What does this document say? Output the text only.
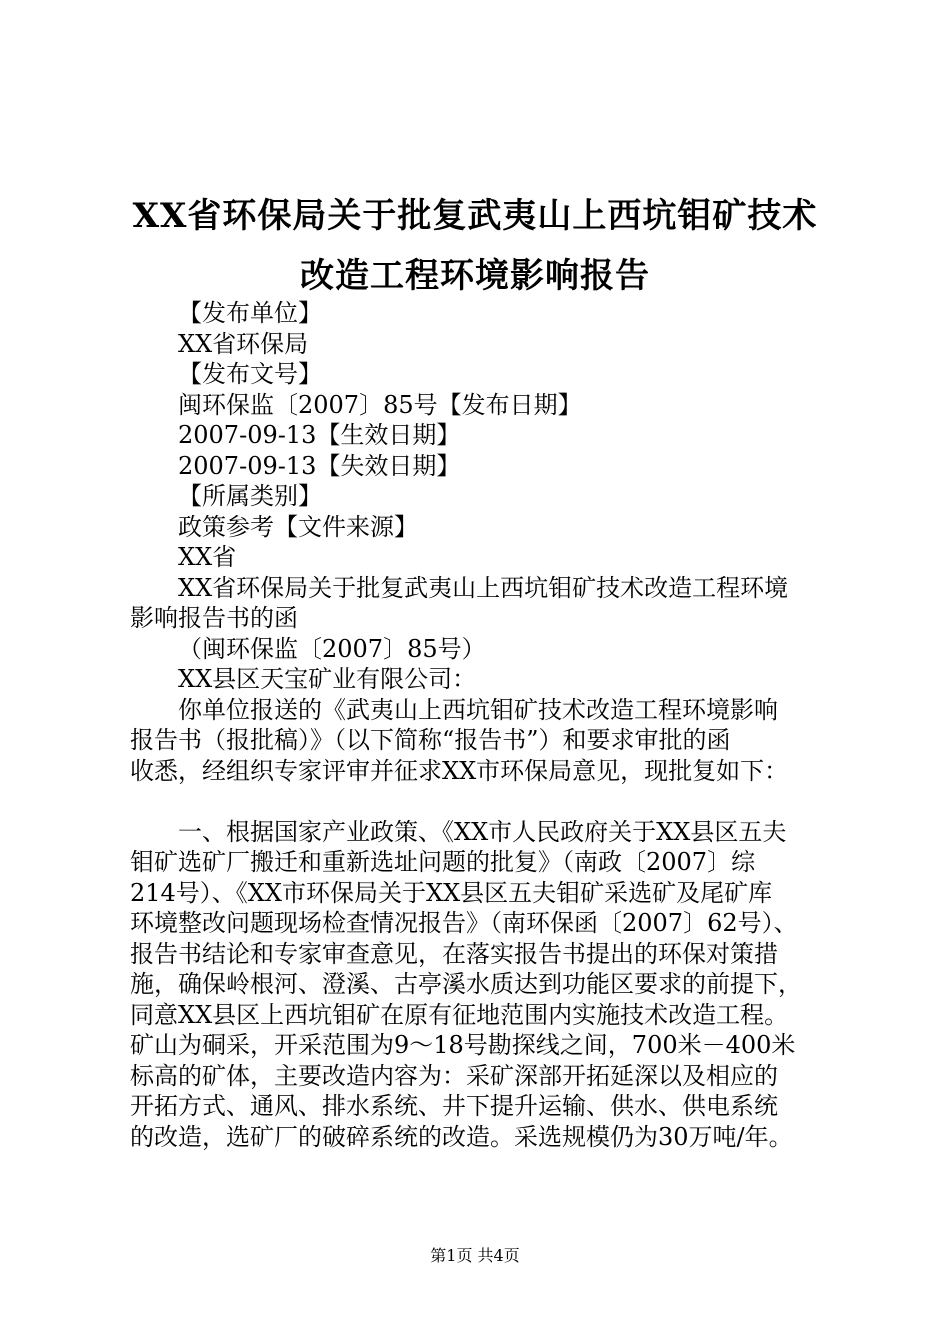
XX省环保局关于批复武夷山上西坑钼矿技术
改造工程环境影响报告
【发布单位】
XX省环保局
【发布文号】
闽环保监〔2007〕85号【发布日期】
2007-09-13【生效日期】
2007-09-13【失效日期】
【所属类别】
政策参考【文件来源】
XX省
XX省环保局关于批复武夷山上西坑钼矿技术改造工程环境
影响报告书的函
（闽环保监〔2007〕85号）
XX县区天宝矿业有限公司：
你单位报送的《武夷山上西坑钼矿技术改造工程环境影响
报告书（报批稿）》（以下简称“报告书”）和要求审批的函
收悉，经组织专家评审并征求XX市环保局意见，现批复如下：
一、根据国家产业政策、《XX市人民政府关于XX县区五夫
钼矿选矿厂搬迁和重新选址问题的批复》（南政〔2007〕综
214号）、《XX市环保局关于XX县区五夫钼矿采选矿及尾矿库
环境整改问题现场检查情况报告》（南环保函〔2007〕62号）、
报告书结论和专家审查意见，在落实报告书提出的环保对策措
施，确保岭根河、澄溪、古亭溪水质达到功能区要求的前提下，
同意XX县区上西坑钼矿在原有征地范围内实施技术改造工程。
矿山为硐采，开采范围为9～18号勘探线之间，700米－400米
标高的矿体，主要改造内容为：采矿深部开拓延深以及相应的
开拓方式、通风、排水系统、井下提升运输、供水、供电系统
的改造，选矿厂的破碎系统的改造。采选规模仍为30万吨/年。
第1页 共4页
